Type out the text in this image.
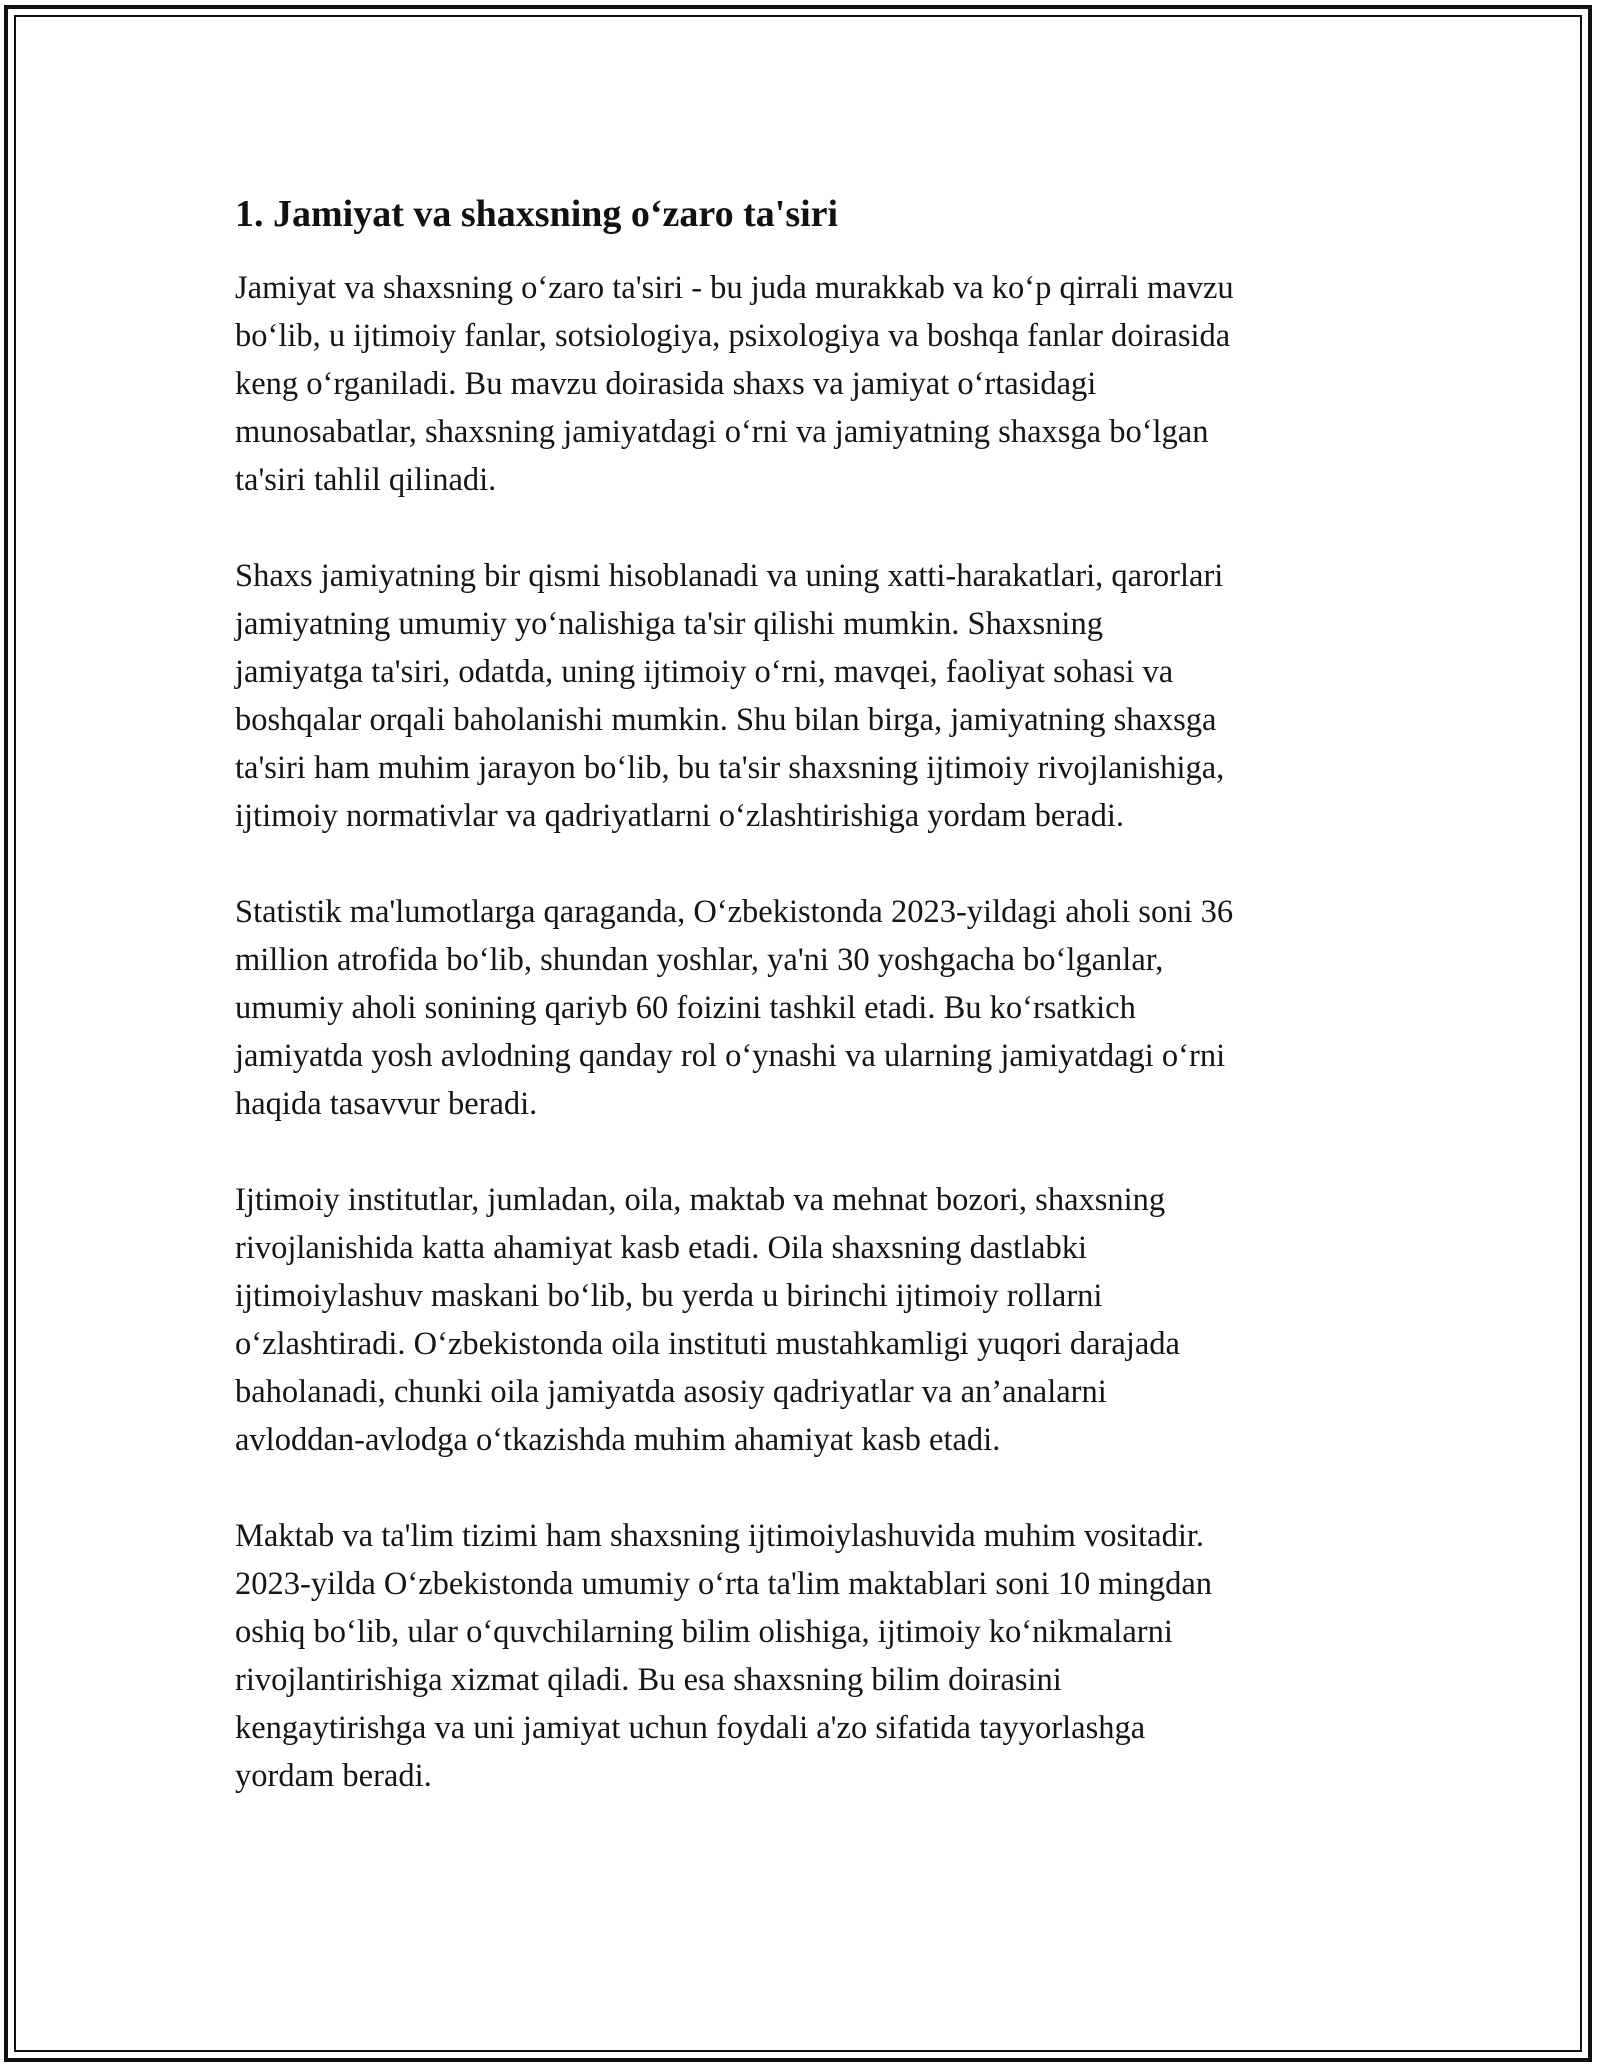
1. Jamiyat va shaxsning o‘zaro ta'siri
Jamiyat va shaxsning o‘zaro ta'siri - bu juda murakkab va ko‘p qirrali mavzu
bo‘lib, u ijtimoiy fanlar, sotsiologiya, psixologiya va boshqa fanlar doirasida
keng o‘rganiladi. Bu mavzu doirasida shaxs va jamiyat o‘rtasidagi
munosabatlar, shaxsning jamiyatdagi o‘rni va jamiyatning shaxsga bo‘lgan
ta'siri tahlil qilinadi.
Shaxs jamiyatning bir qismi hisoblanadi va uning xatti-harakatlari, qarorlari
jamiyatning umumiy yo‘nalishiga ta'sir qilishi mumkin. Shaxsning
jamiyatga ta'siri, odatda, uning ijtimoiy o‘rni, mavqei, faoliyat sohasi va
boshqalar orqali baholanishi mumkin. Shu bilan birga, jamiyatning shaxsga
ta'siri ham muhim jarayon bo‘lib, bu ta'sir shaxsning ijtimoiy rivojlanishiga,
ijtimoiy normativlar va qadriyatlarni o‘zlashtirishiga yordam beradi.
Statistik ma'lumotlarga qaraganda, O‘zbekistonda 2023-yildagi aholi soni 36
million atrofida bo‘lib, shundan yoshlar, ya'ni 30 yoshgacha bo‘lganlar,
umumiy aholi sonining qariyb 60 foizini tashkil etadi. Bu ko‘rsatkich
jamiyatda yosh avlodning qanday rol o‘ynashi va ularning jamiyatdagi o‘rni
haqida tasavvur beradi.
Ijtimoiy institutlar, jumladan, oila, maktab va mehnat bozori, shaxsning
rivojlanishida katta ahamiyat kasb etadi. Oila shaxsning dastlabki
ijtimoiylashuv maskani bo‘lib, bu yerda u birinchi ijtimoiy rollarni
o‘zlashtiradi. O‘zbekistonda oila instituti mustahkamligi yuqori darajada
baholanadi, chunki oila jamiyatda asosiy qadriyatlar va an’analarni
avloddan-avlodga o‘tkazishda muhim ahamiyat kasb etadi.
Maktab va ta'lim tizimi ham shaxsning ijtimoiylashuvida muhim vositadir.
2023-yilda O‘zbekistonda umumiy o‘rta ta'lim maktablari soni 10 mingdan
oshiq bo‘lib, ular o‘quvchilarning bilim olishiga, ijtimoiy ko‘nikmalarni
rivojlantirishiga xizmat qiladi. Bu esa shaxsning bilim doirasini
kengaytirishga va uni jamiyat uchun foydali a'zo sifatida tayyorlashga
yordam beradi.
